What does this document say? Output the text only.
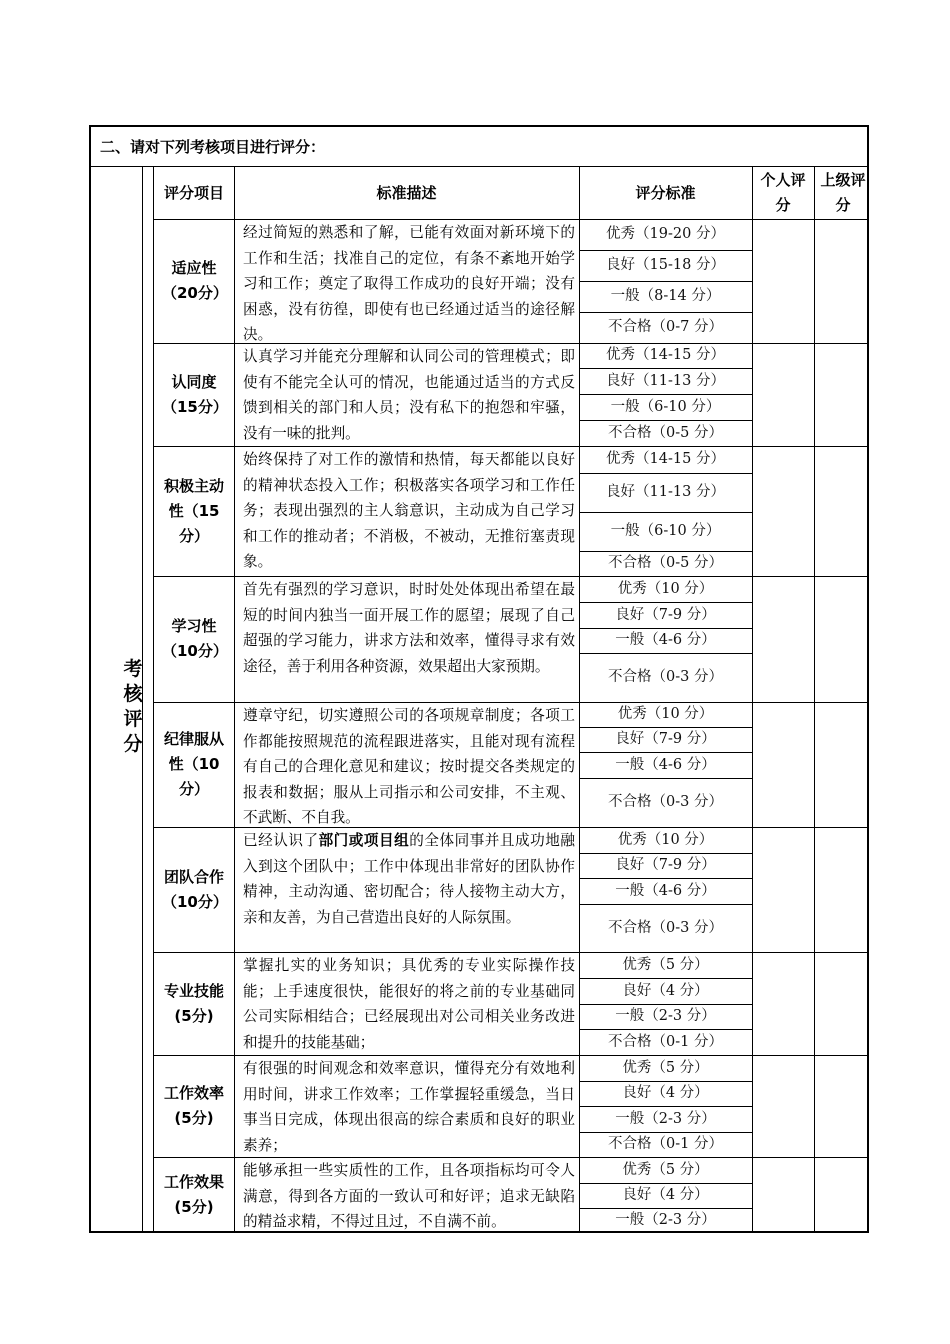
二、请对下列考核项目进行评分：
考核评分
评分项目	标准描述	评分标准
个人评分
上级评分
适应性（20分）
经过简短的熟悉和了解，已能有效面对新环境下的工作和生活；找准自己的定位，有条不紊地开始学习和工作；奠定了取得工作成功的良好开端；没有困惑，没有彷徨，即使有也已经通过适当的途径解决。
优秀（19-20 分）
良好（15-18 分）
一般（8-14 分）
不合格（0-7 分）
认同度（15分）
认真学习并能充分理解和认同公司的管理模式；即使有不能完全认可的情况，也能通过适当的方式反馈到相关的部门和人员；没有私下的抱怨和牢骚，没有一味的批判。
优秀（14-15 分）
良好（11-13 分）
一般（6-10 分）
不合格（0-5 分）
积极主动性（15分）
始终保持了对工作的激情和热情，每天都能以良好的精神状态投入工作；积极落实各项学习和工作任务；表现出强烈的主人翁意识，主动成为自己学习和工作的推动者；不消极，不被动，无推衍塞责现象。
优秀（14-15 分）
良好（11-13 分）
一般（6-10 分）
不合格（0-5 分）
学习性（10分）
首先有强烈的学习意识，时时处处体现出希望在最短的时间内独当一面开展工作的愿望；展现了自己超强的学习能力，讲求方法和效率，懂得寻求有效途径，善于利用各种资源，效果超出大家预期。
优秀（10 分）
良好（7-9 分）
一般（4-6 分）
不合格（0-3 分）
纪律服从性（10分）
遵章守纪，切实遵照公司的各项规章制度；各项工作都能按照规范的流程跟进落实，且能对现有流程有自己的合理化意见和建议；按时提交各类规定的报表和数据；服从上司指示和公司安排，不主观、不武断、不自我。
优秀（10 分）
良好（7-9 分）
一般（4-6 分）
不合格（0-3 分）
团队合作（10分）
已经认识了部门或项目组的全体同事并且成功地融入到这个团队中；工作中体现出非常好的团队协作精神，主动沟通、密切配合；待人接物主动大方，亲和友善，为自己营造出良好的人际氛围。
优秀（10 分）
良好（7-9 分）
一般（4-6 分）
不合格（0-3 分）
专业技能(5分)
掌握扎实的业务知识；具优秀的专业实际操作技能；上手速度很快，能很好的将之前的专业基础同公司实际相结合；已经展现出对公司相关业务改进和提升的技能基础；
优秀（5 分）
良好（4 分）
一般（2-3 分）
不合格（0-1 分）
工作效率(5分)
有很强的时间观念和效率意识，懂得充分有效地利用时间，讲求工作效率；工作掌握轻重缓急，当日事当日完成，体现出很高的综合素质和良好的职业素养；
优秀（5 分）
良好（4 分）
一般（2-3 分）
不合格（0-1 分）
工作效果(5分)
能够承担一些实质性的工作，且各项指标均可令人满意，得到各方面的一致认可和好评；追求无缺陷的精益求精，不得过且过，不自满不前。
优秀（5 分）
良好（4 分）
一般（2-3 分）
